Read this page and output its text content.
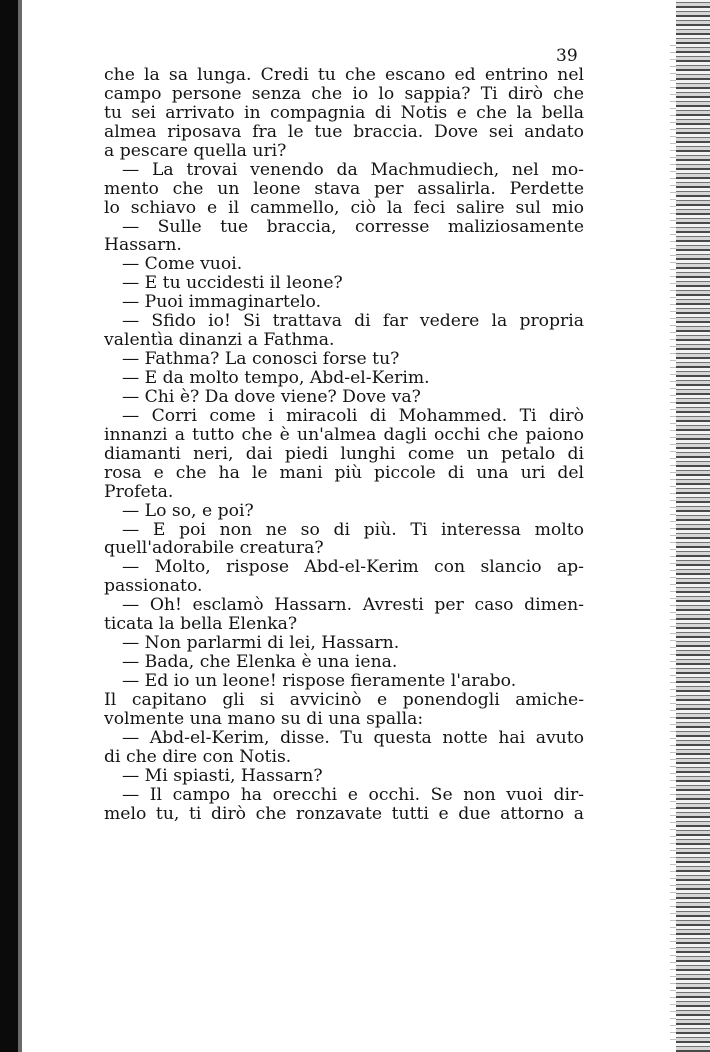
39
che la sa lunga. Credi tu che escano ed entrino nel
campo persone senza che io lo sappia? Ti dirò che
tu sei arrivato in compagnia di Notis e che la bella
almea riposava fra le tue braccia. Dove sei andato
a pescare quella uri?
— La trovai venendo da Machmudiech, nel mo-
mento che un leone stava per assalirla. Perdette
lo schiavo e il cammello, ciò la feci salire sul mio
— Sulle tue braccia, corresse maliziosamente
Hassarn.
— Come vuoi.
— E tu uccidesti il leone?
— Puoi immaginartelo.
— Sfido io! Si trattava di far vedere la propria
valentìa dinanzi a Fathma.
— Fathma? La conosci forse tu?
— E da molto tempo, Abd-el-Kerim.
— Chi è? Da dove viene? Dove va?
— Corri come i miracoli di Mohammed. Ti dirò
innanzi a tutto che è un'almea dagli occhi che paiono
diamanti neri, dai piedi lunghi come un petalo di
rosa e che ha le mani più piccole di una uri del
Profeta.
— Lo so, e poi?
— E poi non ne so di più. Ti interessa molto
quell'adorabile creatura?
— Molto, rispose Abd-el-Kerim con slancio ap-
passionato.
— Oh! esclamò Hassarn. Avresti per caso dimen-
ticata la bella Elenka?
— Non parlarmi di lei, Hassarn.
— Bada, che Elenka è una iena.
— Ed io un leone! rispose fieramente l'arabo.
Il capitano gli si avvicinò e ponendogli amiche-
volmente una mano su di una spalla:
— Abd-el-Kerim, disse. Tu questa notte hai avuto
di che dire con Notis.
— Mi spiasti, Hassarn?
— Il campo ha orecchi e occhi. Se non vuoi dir-
melo tu, ti dirò che ronzavate tutti e due attorno a
